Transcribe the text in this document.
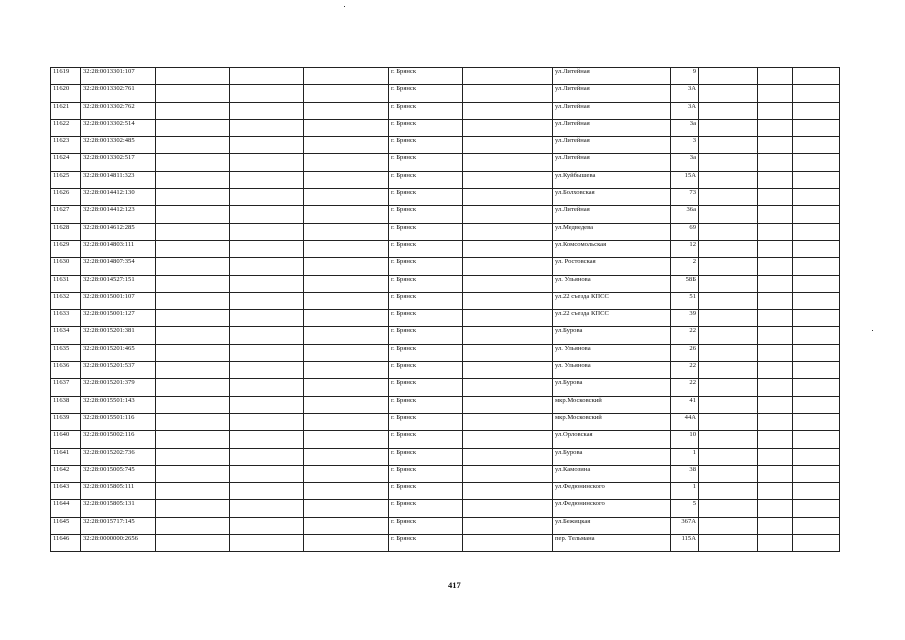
11619	32:28:0013301:107				г. Брянск		ул.Литейная	9			
11620	32:28:0013302:761				г. Брянск		ул.Литейная	3А			
11621	32:28:0013302:762				г. Брянск		ул.Литейная	3А			
11622	32:28:0013302:514				г. Брянск		ул.Литейная	3а			
11623	32:28:0013302:485				г. Брянск		ул.Литейная	3			
11624	32:28:0013302:517				г. Брянск		ул.Литейная	3а			
11625	32:28:0014811:323				г. Брянск		ул.Куйбышева	15А			
11626	32:28:0014412:130				г. Брянск		ул.Болховская	73			
11627	32:28:0014412:123				г. Брянск		ул.Литейная	36а			
11628	32:28:0014612:285				г. Брянск		ул.Медведева	69			
11629	32:28:0014803:111				г. Брянск		ул.Комсомольская	12			
11630	32:28:0014807:354				г. Брянск		ул. Ростовская	2			
11631	32:28:0014527:151				г. Брянск		ул. Ульянова	58Б			
11632	32:28:0015001:107				г. Брянск		ул.22 съезда КПСС	51			
11633	32:28:0015001:127				г. Брянск		ул.22 съезда КПСС	39			
11634	32:28:0015201:381				г. Брянск		ул.Бурова	22			
11635	32:28:0015201:465				г. Брянск		ул. Ульянова	26			
11636	32:28:0015201:537				г. Брянск		ул. Ульянова	22			
11637	32:28:0015201:379				г. Брянск		ул.Бурова	22			
11638	32:28:0015501:143				г. Брянск		мкр.Московский	41			
11639	32:28:0015501:116				г. Брянск		мкр.Московский	44А			
11640	32:28:0015002:116				г. Брянск		ул.Орловская	10			
11641	32:28:0015202:736				г. Брянск		ул.Бурова	1			
11642	32:28:0015005:745				г. Брянск		ул.Камозина	38			
11643	32:28:0015805:111				г. Брянск		ул.Федюнинского	1			
11644	32:28:0015805:131				г. Брянск		ул.Федюнинского	5			
11645	32:28:0015717:145				г. Брянск		ул.Бежицкая	367А			
11646	32:28:0000000:2656				г. Брянск		пер. Тельмана	115А			
417
